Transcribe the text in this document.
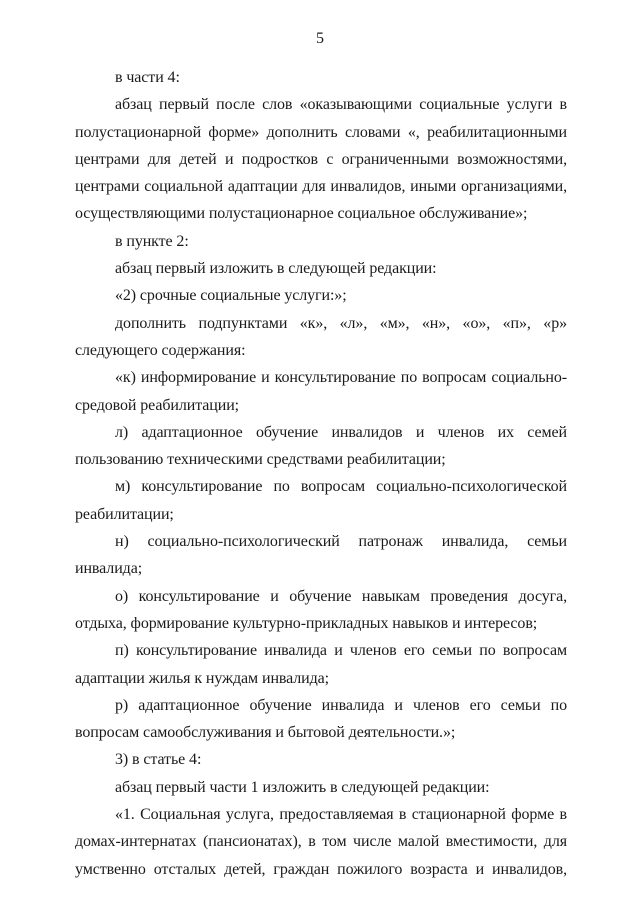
5

в части 4:

абзац первый после слов «оказывающими социальные услуги в полустационарной форме» дополнить словами «, реабилитационными центрами для детей и подростков с ограниченными возможностями, центрами социальной адаптации для инвалидов, иными организациями, осуществляющими полустационарное социальное обслуживание»;

в пункте 2:

абзац первый изложить в следующей редакции:

«2) срочные социальные услуги:»;

дополнить подпунктами «к», «л», «м», «н», «о», «п», «р» следующего содержания:

«к) информирование и консультирование по вопросам социально-средовой реабилитации;

л) адаптационное обучение инвалидов и членов их семей пользованию техническими средствами реабилитации;

м) консультирование по вопросам социально-психологической реабилитации;

н) социально-психологический патронаж инвалида, семьи инвалида;

о) консультирование и обучение навыкам проведения досуга, отдыха, формирование культурно-прикладных навыков и интересов;

п) консультирование инвалида и членов его семьи по вопросам адаптации жилья к нуждам инвалида;

р) адаптационное обучение инвалида и членов его семьи по вопросам самообслуживания и бытовой деятельности.»;

3) в статье 4:

абзац первый части 1 изложить в следующей редакции:

«1. Социальная услуга, предоставляемая в стационарной форме в домах-интернатах (пансионатах), в том числе малой вместимости, для умственно отсталых детей, граждан пожилого возраста и инвалидов,
